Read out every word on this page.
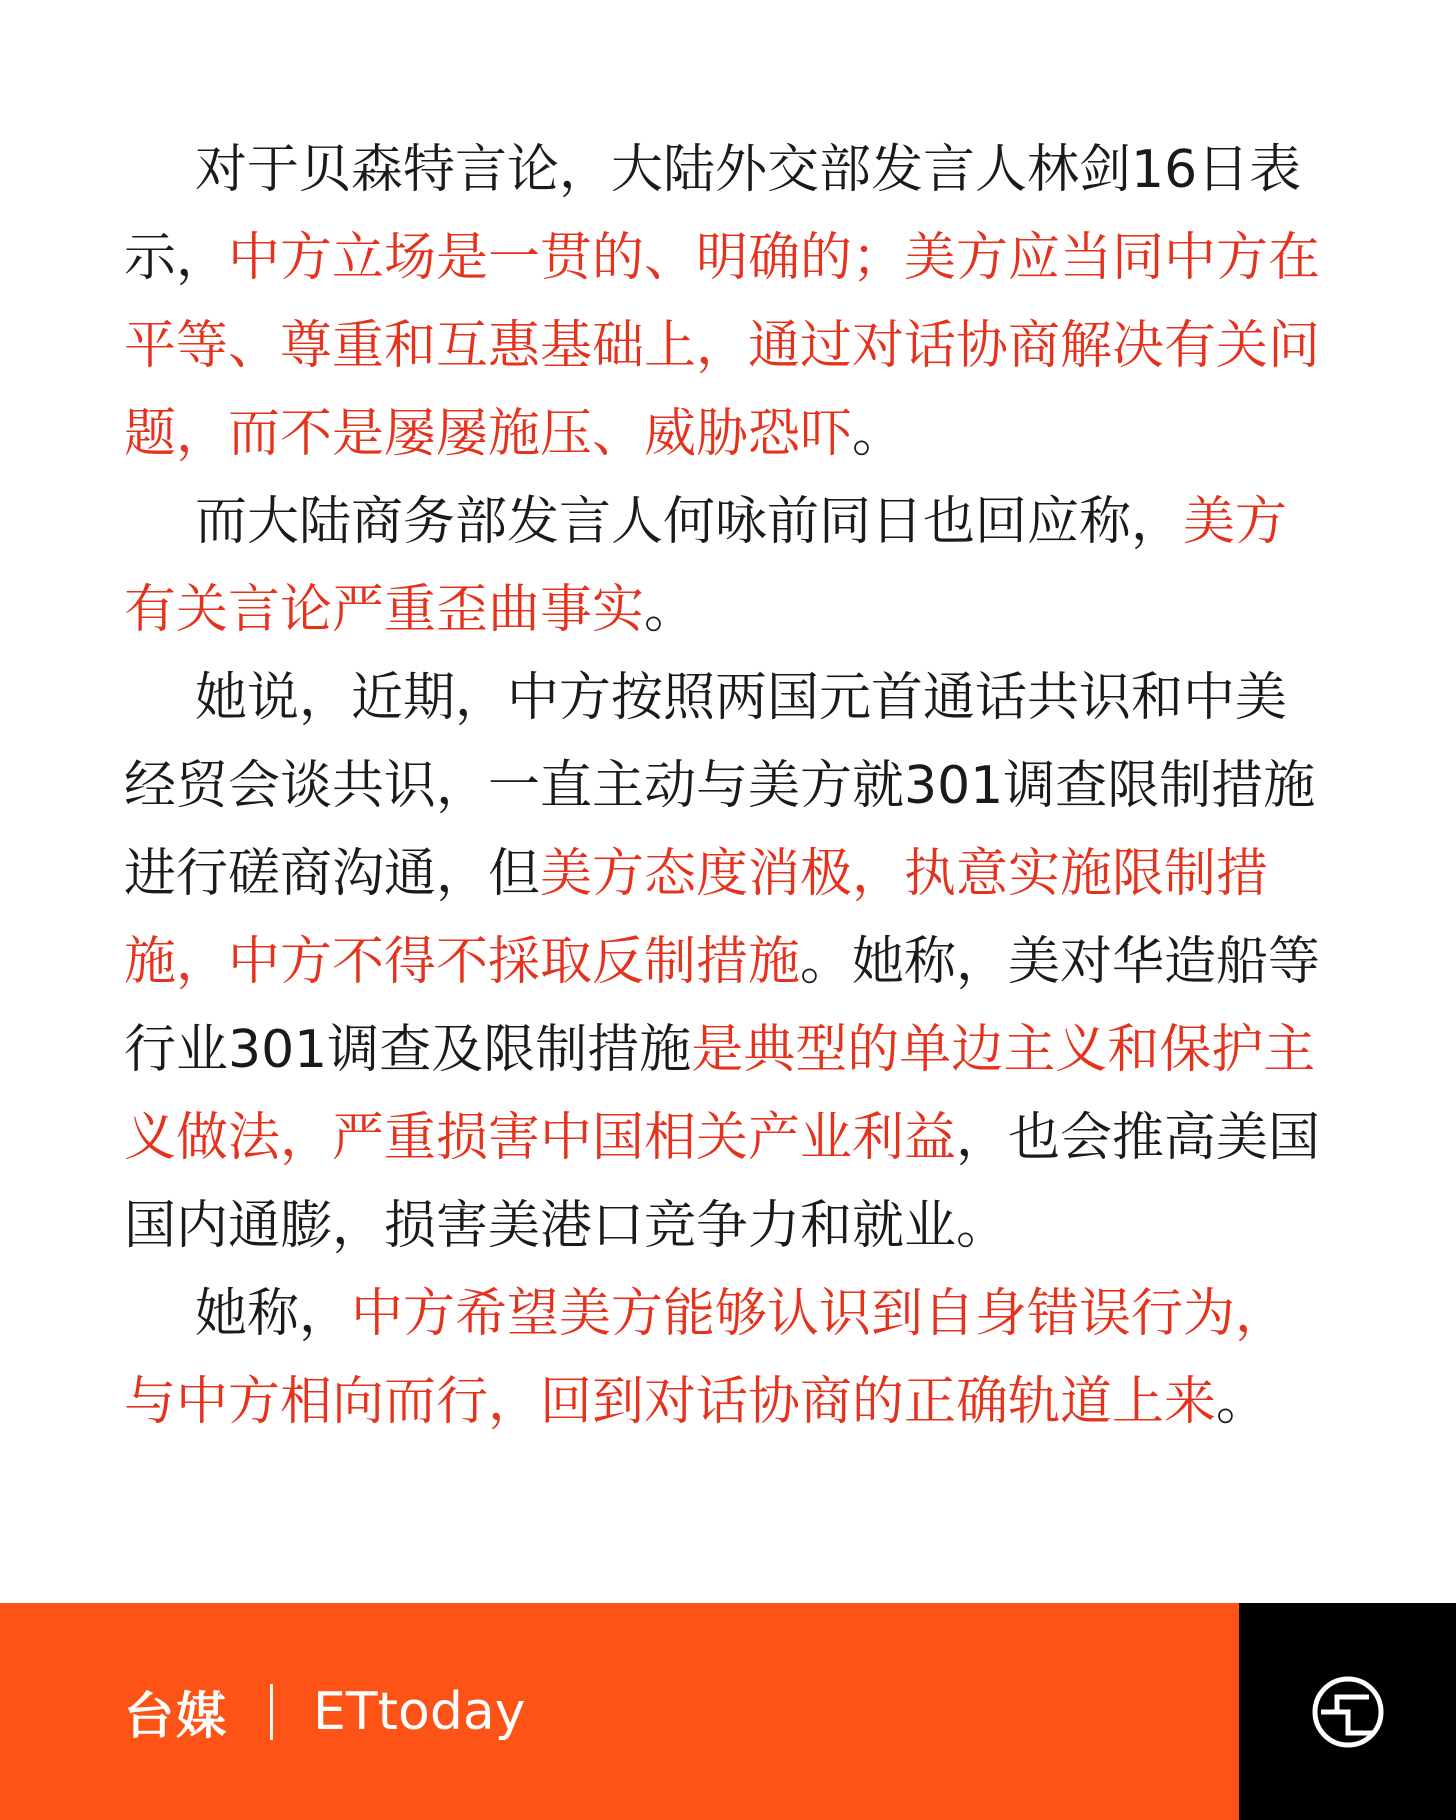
对于贝森特言论，大陆外交部发言人林剑16日表示，中方立场是一贯的、明确的；美方应当同中方在平等、尊重和互惠基础上，通过对话协商解决有关问题，而不是屡屡施压、威胁恐吓。

而大陆商务部发言人何咏前同日也回应称，美方有关言论严重歪曲事实。

她说，近期，中方按照两国元首通话共识和中美经贸会谈共识，一直主动与美方就301调查限制措施进行磋商沟通，但美方态度消极，执意实施限制措施，中方不得不採取反制措施。她称，美对华造船等行业301调查及限制措施是典型的单边主义和保护主义做法，严重损害中国相关产业利益，也会推高美国国内通膨，损害美港口竞争力和就业。

她称，中方希望美方能够认识到自身错误行为，与中方相向而行，回到对话协商的正确轨道上来。

台媒 ETtoday
